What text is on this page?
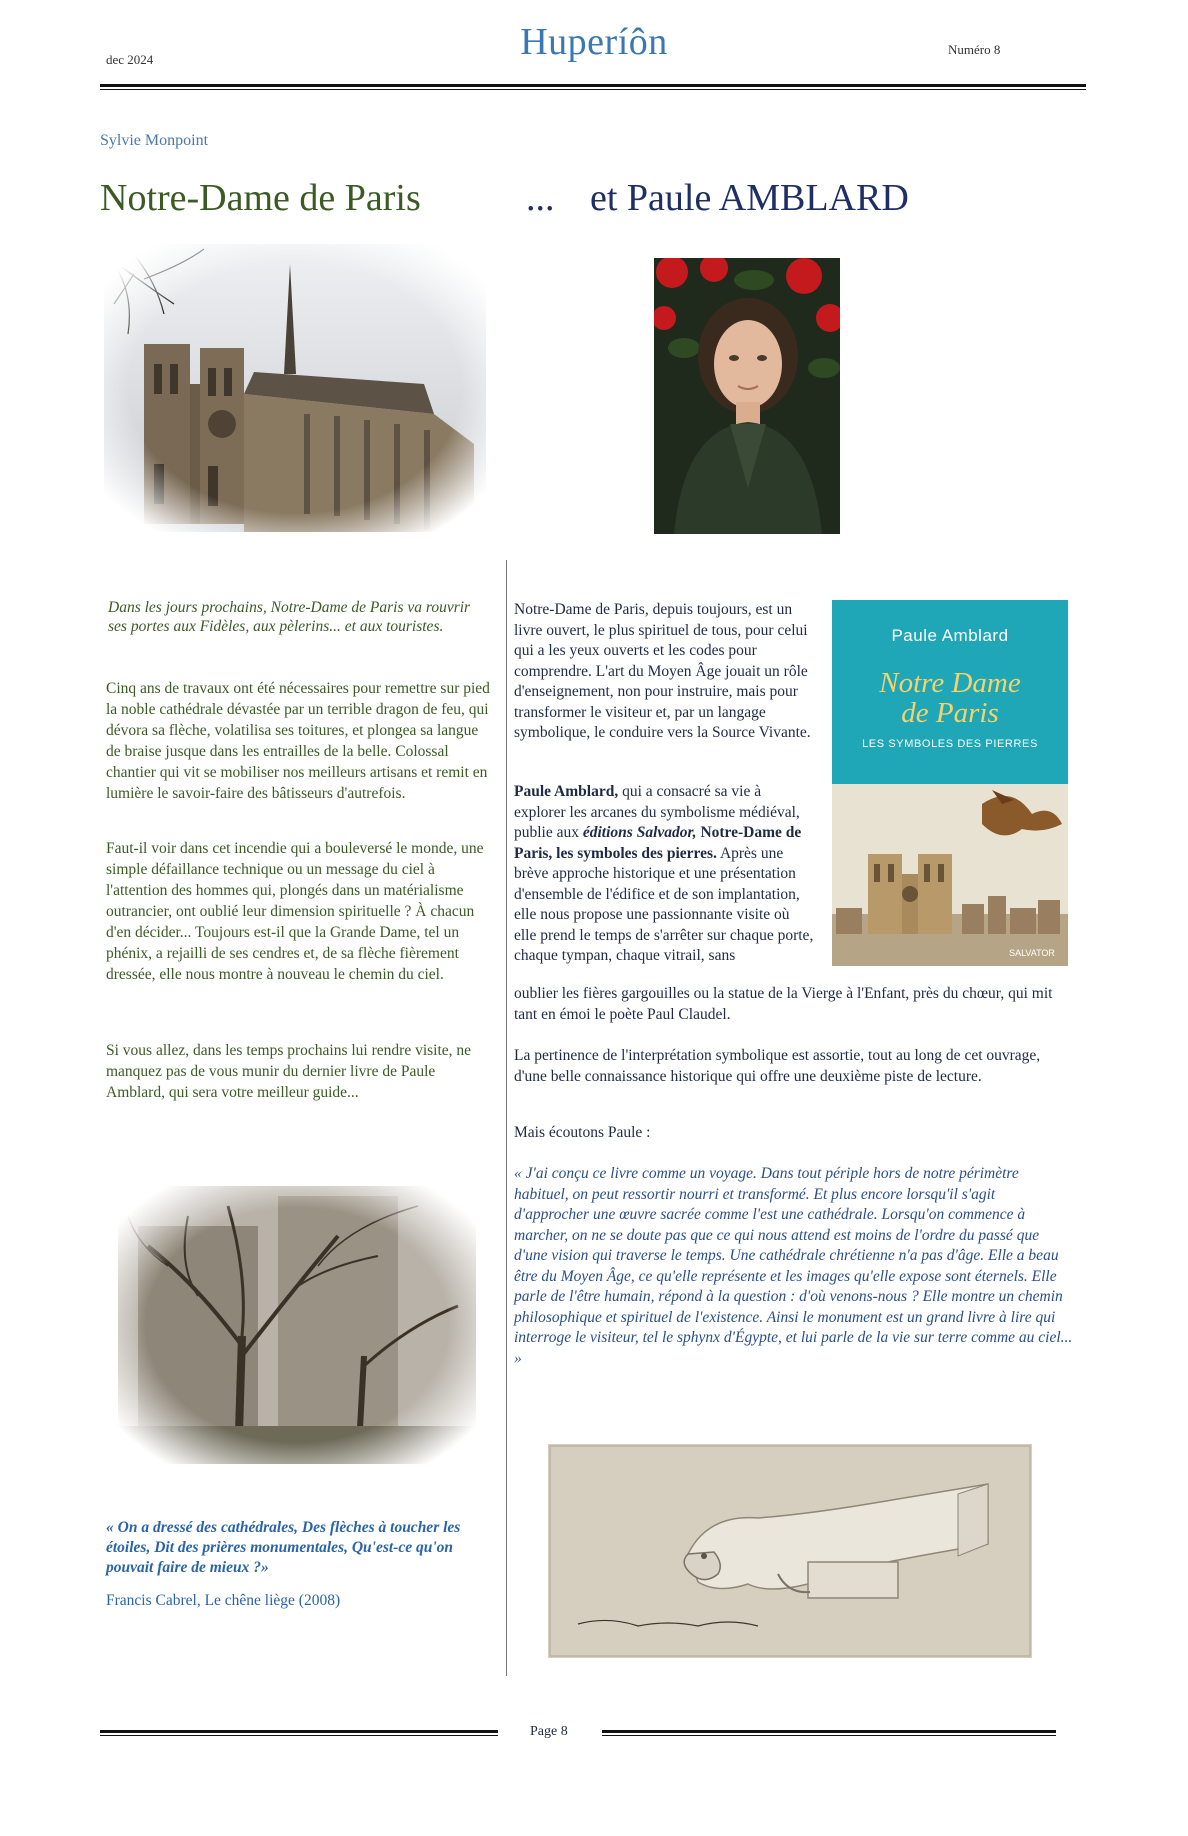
dec 2024	Huperíôn	Numéro 8
Sylvie Monpoint
Notre-Dame de Paris	... et Paule AMBLARD
Dans les jours prochains, Notre-Dame de Paris va rouvrir ses portes aux Fidèles, aux pèlerins... et aux touristes.

Cinq ans de travaux ont été nécessaires pour remettre sur pied la noble cathédrale dévastée par un terrible dragon de feu, qui dévora sa flèche, volatilisa ses toitures, et plongea sa langue de braise jusque dans les entrailles de la belle. Colossal chantier qui vit se mobiliser nos meilleurs artisans et remit en lumière le savoir-faire des bâtisseurs d'autrefois.

Faut-il voir dans cet incendie qui a bouleversé le monde, une simple défaillance technique ou un message du ciel à l'attention des hommes qui, plongés dans un matérialisme outrancier, ont oublié leur dimension spirituelle ? À chacun d'en décider... Toujours est-il que la Grande Dame, tel un phénix, a rejailli de ses cendres et, de sa flèche fièrement dressée, elle nous montre à nouveau le chemin du ciel.

Si vous allez, dans les temps prochains lui rendre visite, ne manquez pas de vous munir du dernier livre de Paule Amblard, qui sera votre meilleur guide...

« On a dressé des cathédrales, Des flèches à toucher les étoiles, Dit des prières monumentales, Qu'est-ce qu'on pouvait faire de mieux ?»
Francis Cabrel, Le chêne liège (2008)

Notre-Dame de Paris, depuis toujours, est un livre ouvert, le plus spirituel de tous, pour celui qui a les yeux ouverts et les codes pour comprendre. L'art du Moyen Âge jouait un rôle d'enseignement, non pour instruire, mais pour transformer le visiteur et, par un langage symbolique, le conduire vers la Source Vivante.

Paule Amblard, qui a consacré sa vie à explorer les arcanes du symbolisme médiéval, publie aux éditions Salvador, Notre-Dame de Paris, les symboles des pierres. Après une brève approche historique et une présentation d'ensemble de l'édifice et de son implantation, elle nous propose une passionnante visite où elle prend le temps de s'arrêter sur chaque porte, chaque tympan, chaque vitrail, sans

oublier les fières gargouilles ou la statue de la Vierge à l'Enfant, près du chœur, qui mit tant en émoi le poète Paul Claudel.
La pertinence de l'interprétation symbolique est assortie, tout au long de cet ouvrage, d'une belle connaissance historique qui offre une deuxième piste de lecture.
Mais écoutons Paule :
« J'ai conçu ce livre comme un voyage. Dans tout périple hors de notre périmètre habituel, on peut ressortir nourri et transformé. Et plus encore lorsqu'il s'agit d'approcher une œuvre sacrée comme l'est une cathédrale. Lorsqu'on commence à marcher, on ne se doute pas que ce qui nous attend est moins de l'ordre du passé que d'une vision qui traverse le temps. Une cathédrale chrétienne n'a pas d'âge. Elle a beau être du Moyen Âge, ce qu'elle représente et les images qu'elle expose sont éternels. Elle parle de l'être humain, répond à la question : d'où venons-nous ? Elle montre un chemin philosophique et spirituel de l'existence. Ainsi le monument est un grand livre à lire qui interroge le visiteur, tel le sphynx d'Égypte, et lui parle de la vie sur terre comme au ciel... »
Paule Amblard
Notre Dame
de Paris
LES SYMBOLES DES PIERRES
SALVATOR
Page 8
